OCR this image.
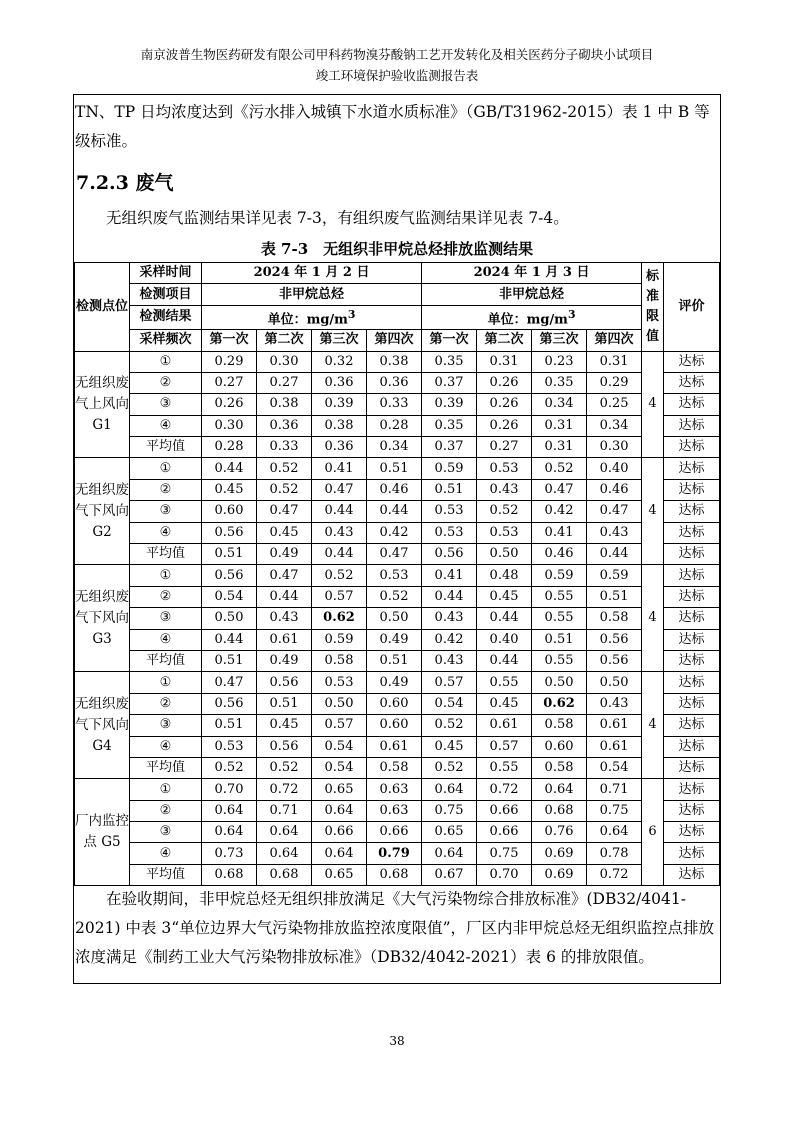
南京波普生物医药研发有限公司甲科药物溴芬酸钠工艺开发转化及相关医药分子砌块小试项目
竣工环境保护验收监测报告表
TN、TP 日均浓度达到《污水排入城镇下水道水质标准》（GB/T31962-2015）表 1 中 B 等级标准。
7.2.3 废气
无组织废气监测结果详见表 7-3，有组织废气监测结果详见表 7-4。
表 7-3　无组织非甲烷总烃排放监测结果
检测点位	采样时间	2024 年 1 月 2 日				2024 年 1 月 3 日				标准限值	评价
	检测项目	非甲烷总烃				非甲烷总烃					
	检测结果	单位：$mg/m^3$				单位：$mg/m^3$
	采样频次	第一次	第二次	第三次	第四次	第一次	第二次	第三次	第四次		
无组织废气上风向 G1	①	0.29	0.30	0.32	0.38	0.35	0.31	0.23	0.31	4	达标
	②	0.27	0.27	0.36	0.36	0.37	0.26	0.35	0.29		达标
	③	0.26	0.38	0.39	0.33	0.39	0.26	0.34	0.25		达标
	④	0.30	0.36	0.38	0.28	0.35	0.26	0.31	0.34		达标
	平均值	0.28	0.33	0.36	0.34	0.37	0.27	0.31	0.30		达标
无组织废气下风向 G2	①	0.44	0.52	0.41	0.51	0.59	0.53	0.52	0.40	4	达标
	②	0.45	0.52	0.47	0.46	0.51	0.43	0.47	0.46		达标
	③	0.60	0.47	0.44	0.44	0.53	0.52	0.42	0.47		达标
	④	0.56	0.45	0.43	0.42	0.53	0.53	0.41	0.43		达标
	平均值	0.51	0.49	0.44	0.47	0.56	0.50	0.46	0.44		达标
无组织废气下风向 G3	①	0.56	0.47	0.52	0.53	0.41	0.48	0.59	0.59	4	达标
	②	0.54	0.44	0.57	0.52	0.44	0.45	0.55	0.51		达标
	③	0.50	0.43	0.62	0.50	0.43	0.44	0.55	0.58		达标
	④	0.44	0.61	0.59	0.49	0.42	0.40	0.51	0.56		达标
	平均值	0.51	0.49	0.58	0.51	0.43	0.44	0.55	0.56		达标
无组织废气下风向 G4	①	0.47	0.56	0.53	0.49	0.57	0.55	0.50	0.50	4	达标
	②	0.56	0.51	0.50	0.60	0.54	0.45	0.62	0.43		达标
	③	0.51	0.45	0.57	0.60	0.52	0.61	0.58	0.61		达标
	④	0.53	0.56	0.54	0.61	0.45	0.57	0.60	0.61		达标
	平均值	0.52	0.52	0.54	0.58	0.52	0.55	0.58	0.54		达标
厂内监控点 G5	①	0.70	0.72	0.65	0.63	0.64	0.72	0.64	0.71	6	达标
	②	0.64	0.71	0.64	0.63	0.75	0.66	0.68	0.75		达标
	③	0.64	0.64	0.66	0.66	0.65	0.66	0.76	0.64		达标
	④	0.73	0.64	0.64	0.79	0.64	0.75	0.69	0.78		达标
	平均值	0.68	0.68	0.65	0.68	0.67	0.70	0.69	0.72		达标
在验收期间，非甲烷总烃无组织排放满足《大气污染物综合排放标准》(DB32/4041-2021) 中表 3“单位边界大气污染物排放监控浓度限值”，厂区内非甲烷总烃无组织监控点排放浓度满足《制药工业大气污染物排放标准》（DB32/4042-2021）表 6 的排放限值。
38
